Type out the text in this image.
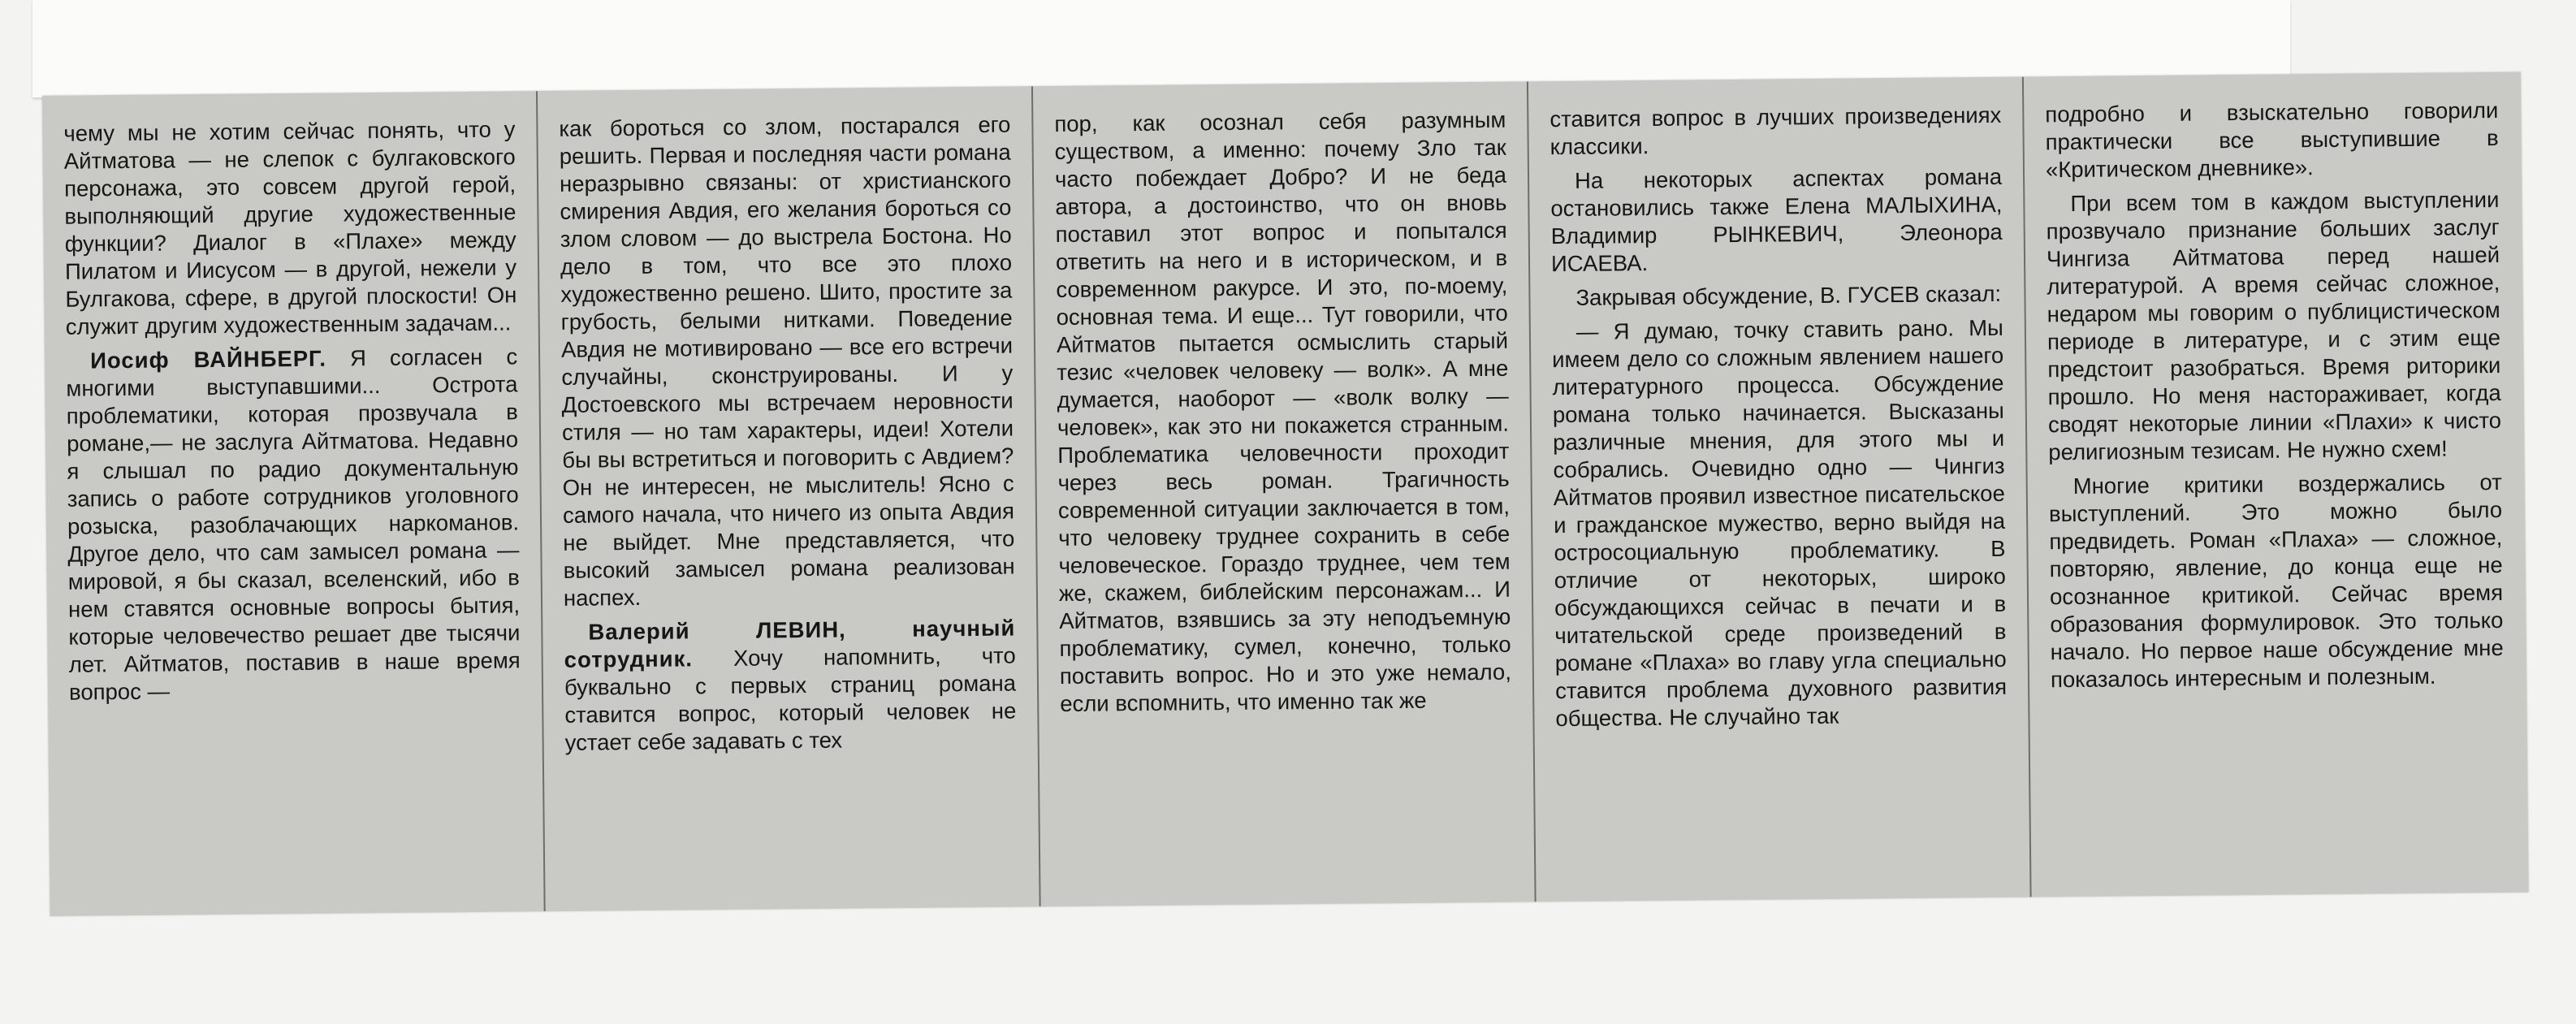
чему мы не хотим сейчас понять, что у Айтматова — не слепок с булгаковского персонажа, это совсем другой герой, выполняющий другие художественные функции? Диалог в «Плахе» между Пилатом и Иисусом — в другой, нежели у Булгакова, сфере, в другой плоскости! Он служит другим художественным задачам...

Иосиф ВАЙНБЕРГ. Я согласен с многими выступавшими... Острота проблематики, которая прозвучала в романе,— не заслуга Айтматова. Недавно я слышал по радио документальную запись о работе сотрудников уголовного розыска, разоблачающих наркоманов. Другое дело, что сам замысел романа — мировой, я бы сказал, вселенский, ибо в нем ставятся основные вопросы бытия, которые человечество решает две тысячи лет. Айтматов, поставив в наше время вопрос —

как бороться со злом, постарался его решить. Первая и последняя части романа неразрывно связаны: от христианского смирения Авдия, его желания бороться со злом словом — до выстрела Бостона. Но дело в том, что все это плохо художественно решено. Шито, простите за грубость, белыми нитками. Поведение Авдия не мотивировано — все его встречи случайны, сконструированы. И у Достоевского мы встречаем неровности стиля — но там характеры, идеи! Хотели бы вы встретиться и поговорить с Авдием? Он не интересен, не мыслитель! Ясно с самого начала, что ничего из опыта Авдия не выйдет. Мне представляется, что высокий замысел романа реализован наспех.

Валерий ЛЕВИН, научный сотрудник. Хочу напомнить, что буквально с первых страниц романа ставится вопрос, который человек не устает себе задавать с тех

пор, как осознал себя разумным существом, а именно: почему Зло так часто побеждает Добро? И не беда автора, а достоинство, что он вновь поставил этот вопрос и попытался ответить на него и в историческом, и в современном ракурсе. И это, по-моему, основная тема. И еще... Тут говорили, что Айтматов пытается осмыслить старый тезис «человек человеку — волк». А мне думается, наоборот — «волк волку — человек», как это ни покажется странным. Проблематика человечности проходит через весь роман. Трагичность современной ситуации заключается в том, что человеку труднее сохранить в себе человеческое. Гораздо труднее, чем тем же, скажем, библейским персонажам... И Айтматов, взявшись за эту неподъемную проблематику, сумел, конечно, только поставить вопрос. Но и это уже немало, если вспомнить, что именно так же

ставится вопрос в лучших произведениях классики.

На некоторых аспектах романа остановились также Елена МАЛЫХИНА, Владимир РЫНКЕВИЧ, Элеонора ИСАЕВА.

Закрывая обсуждение, В. ГУСЕВ сказал:

— Я думаю, точку ставить рано. Мы имеем дело со сложным явлением нашего литературного процесса. Обсуждение романа только начинается. Высказаны различные мнения, для этого мы и собрались. Очевидно одно — Чингиз Айтматов проявил известное писательское и гражданское мужество, верно выйдя на остросоциальную проблематику. В отличие от некоторых, широко обсуждающихся сейчас в печати и в читательской среде произведений в романе «Плаха» во главу угла специально ставится проблема духовного развития общества. Не случайно так

подробно и взыскательно говорили практически все выступившие в «Критическом дневнике».

При всем том в каждом выступлении прозвучало признание больших заслуг Чингиза Айтматова перед нашей литературой. А время сейчас сложное, недаром мы говорим о публицистическом периоде в литературе, и с этим еще предстоит разобраться. Время риторики прошло. Но меня настораживает, когда сводят некоторые линии «Плахи» к чисто религиозным тезисам. Не нужно схем!

Многие критики воздержались от выступлений. Это можно было предвидеть. Роман «Плаха» — сложное, повторяю, явление, до конца еще не осознанное критикой. Сейчас время образования формулировок. Это только начало. Но первое наше обсуждение мне показалось интересным и полезным.
